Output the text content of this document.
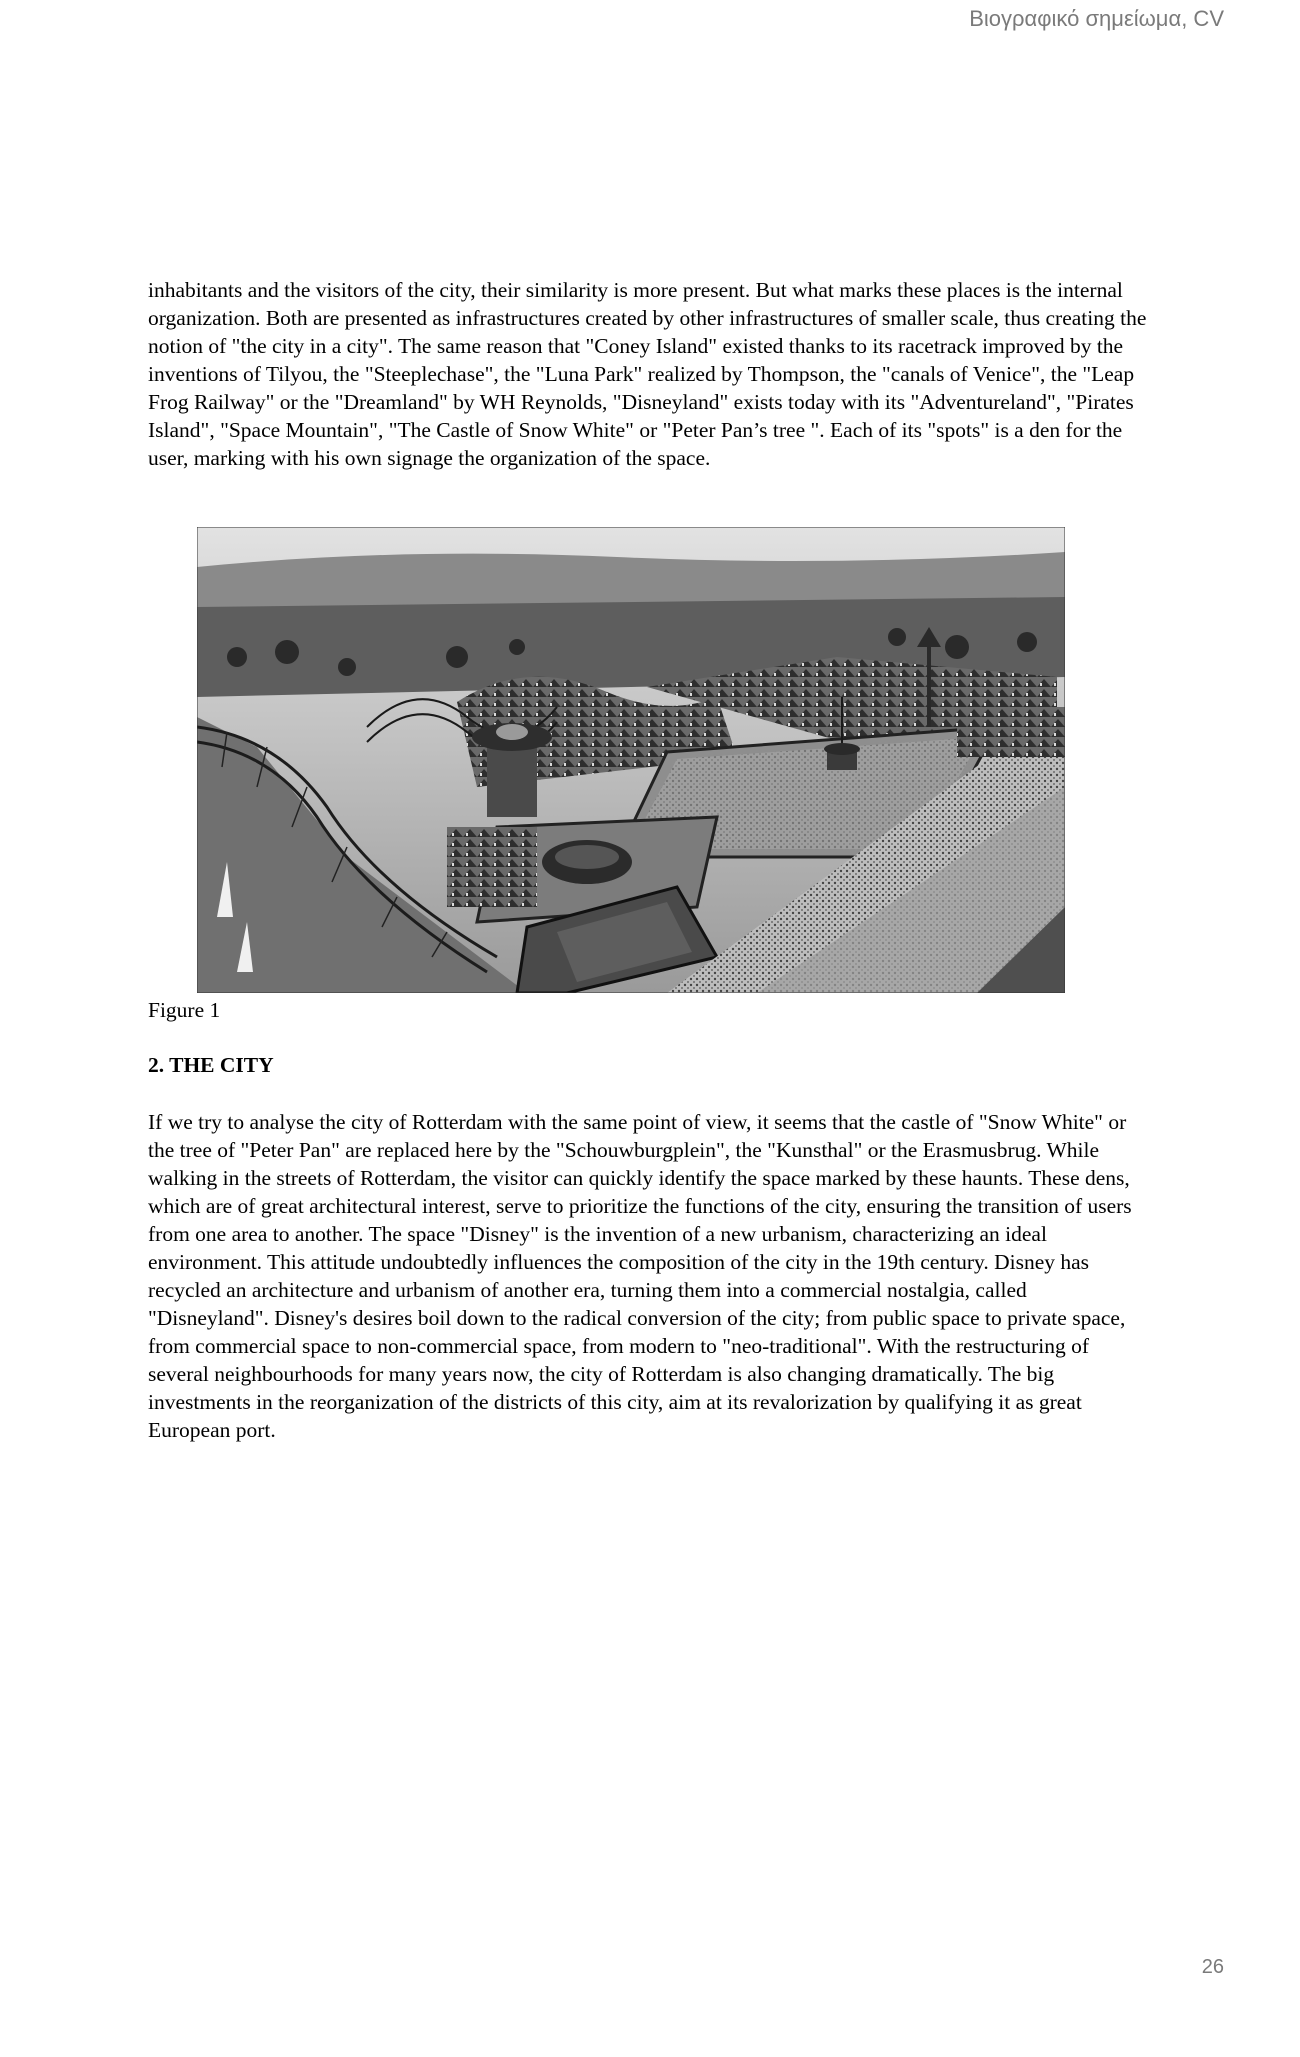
Βιογραφικό σημείωμα, CV

inhabitants and the visitors of the city, their similarity is more present. But what marks these places is the internal organization. Both are presented as infrastructures created by other infrastructures of smaller scale, thus creating the notion of "the city in a city". The same reason that "Coney Island" existed thanks to its racetrack improved by the inventions of Tilyou, the "Steeplechase", the "Luna Park" realized by Thompson, the "canals of Venice", the "Leap Frog Railway" or the "Dreamland" by WH Reynolds, "Disneyland" exists today with its "Adventureland", "Pirates Island", "Space Mountain", "The Castle of Snow White" or "Peter Pan’s tree ". Each of its "spots" is a den for the user, marking with his own signage the organization of the space.

Figure 1
2. THE CITY

If we try to analyse the city of Rotterdam with the same point of view, it seems that the castle of "Snow White" or the tree of "Peter Pan" are replaced here by the "Schouwburgplein", the "Kunsthal" or the Erasmusbrug. While walking in the streets of Rotterdam, the visitor can quickly identify the space marked by these haunts. These dens, which are of great architectural interest, serve to prioritize the functions of the city, ensuring the transition of users from one area to another. The space "Disney" is the invention of a new urbanism, characterizing an ideal environment. This attitude undoubtedly influences the composition of the city in the 19th century. Disney has recycled an architecture and urbanism of another era, turning them into a commercial nostalgia, called "Disneyland". Disney's desires boil down to the radical conversion of the city; from public space to private space, from commercial space to non-commercial space, from modern to "neo-traditional". With the restructuring of several neighbourhoods for many years now, the city of Rotterdam is also changing dramatically. The big investments in the reorganization of the districts of this city, aim at its revalorization by qualifying it as great European port.

26
